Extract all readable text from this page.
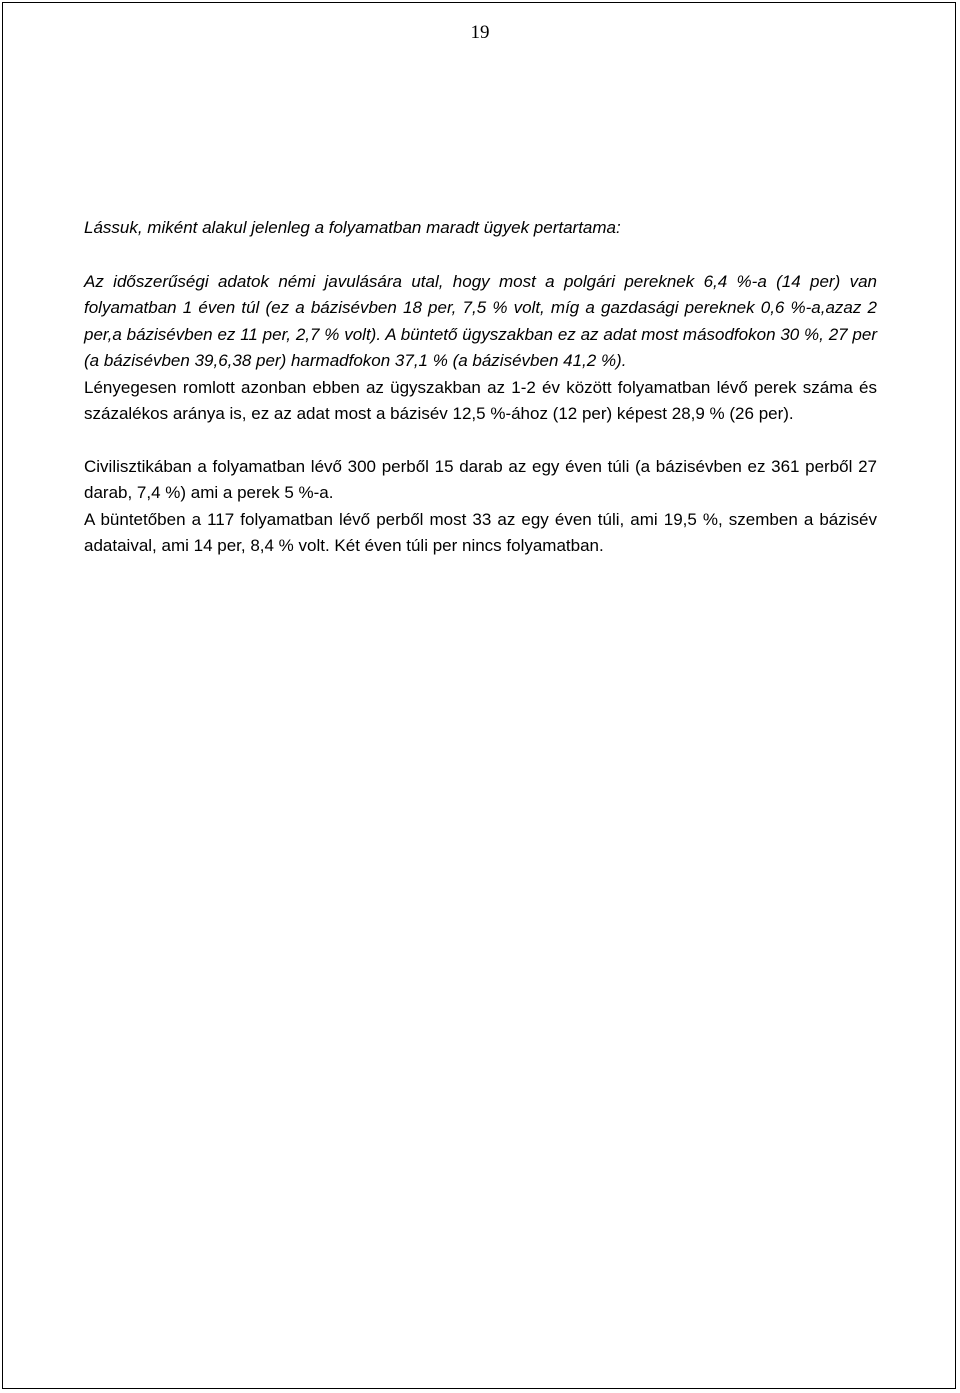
19

Lássuk, miként alakul jelenleg a folyamatban maradt ügyek pertartama:

Az időszerűségi adatok némi javulására utal, hogy most a polgári pereknek 6,4 %-a (14 per) van folyamatban 1 éven túl (ez a bázisévben 18 per, 7,5 % volt, míg a gazdasági pereknek 0,6 %-a,azaz 2 per,a bázisévben ez 11 per, 2,7 % volt). A büntető ügyszakban ez az adat most másodfokon 30 %, 27 per (a bázisévben 39,6,38 per) harmadfokon 37,1 % (a bázisévben 41,2 %).

Lényegesen romlott azonban ebben az ügyszakban az 1-2 év között folyamatban lévő perek száma és százalékos aránya is, ez az adat most a bázisév 12,5 %-ához (12 per) képest 28,9 % (26 per).

Civilisztikában a folyamatban lévő 300 perből 15 darab az egy éven túli (a bázisévben ez 361 perből 27 darab, 7,4 %) ami a perek 5 %-a.

A büntetőben a 117 folyamatban lévő perből most 33 az egy éven túli, ami 19,5 %, szemben a bázisév adataival, ami 14 per, 8,4 % volt. Két éven túli per nincs folyamatban.
